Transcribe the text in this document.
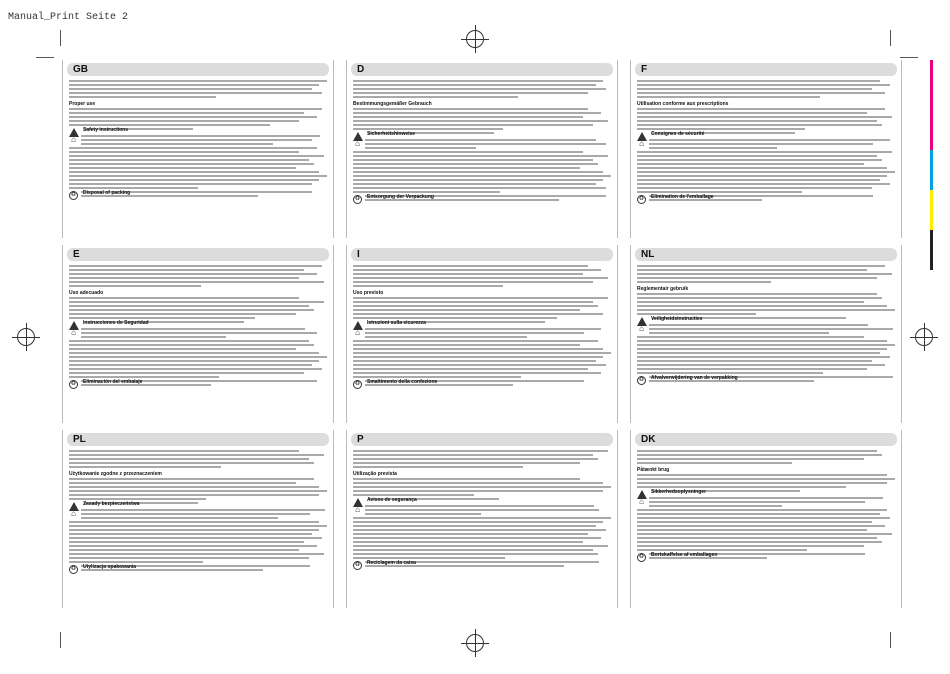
Manual_Print Seite 2
GB
Proper use
Safety instructions
⌂
♻	Disposal of packing
D
Bestimmungsgemäßer Gebrauch
Sicherheitshinweise
⌂
♻	Entsorgung der Verpackung
F
Utilisation conforme aux prescriptions
Consignes de sécurité
⌂
♻	Elimination de l'emballage
E
Uso adecuado
Instrucciones de Seguridad
⌂
♻	Eliminación del embalaje
I
Uso previsto
Istruzioni sulla sicurezza
⌂
♻	Smaltimento della confezione
NL
Reglementair gebruik
Veiligheidsinstructies
⌂
♻	Afvalverwijdering van de verpakking
PL
Użytkowanie zgodne z przeznaczeniem
Zasady bezpieczeństwa
⌂
♻	Utylizacja opakowania
P
Utilização prevista
Avisos de segurança
⌂
♻	Reciclagem da caixa
DK
Påtænkt brug
Sikkerhedsoplysninger
⌂
♻	Bortskaffelse af emballagen
